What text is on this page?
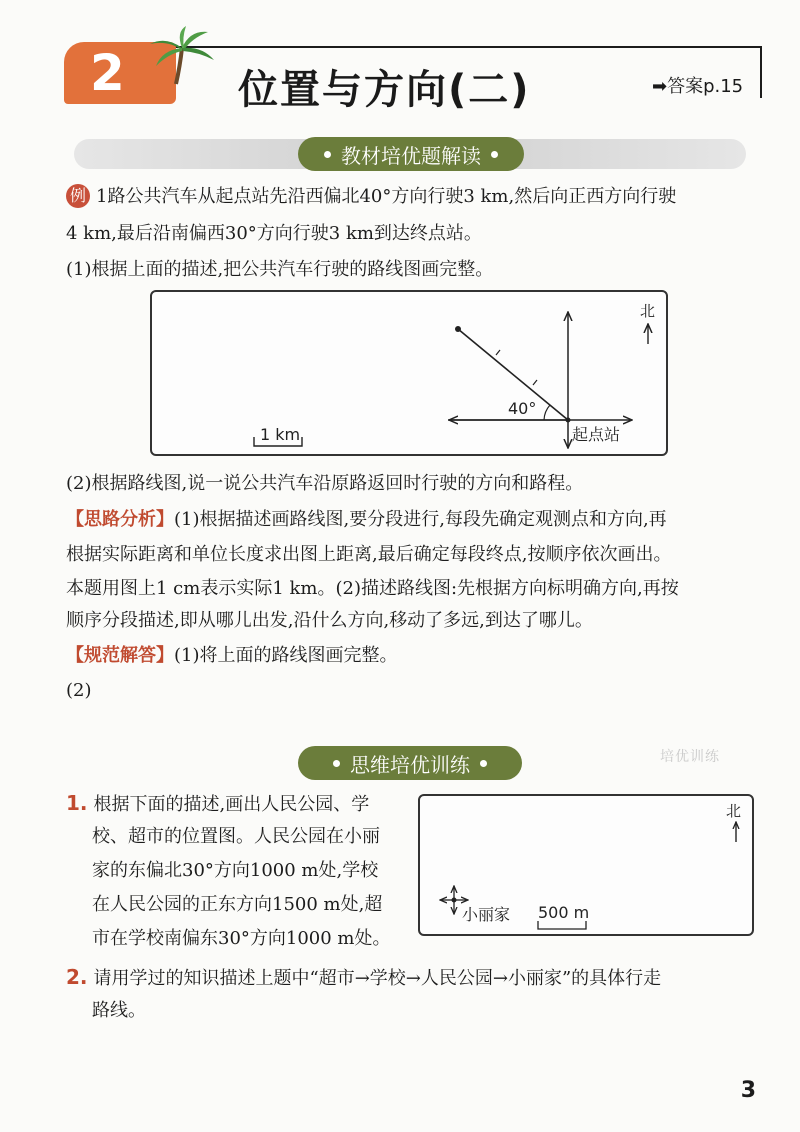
2	位置与方向(二)	➡答案p.15
教材培优题解读
例 1路公共汽车从起点站先沿西偏北40°方向行驶3 km,然后向正西方向行驶
4 km,最后沿南偏西30°方向行驶3 km到达终点站。
(1)根据上面的描述,把公共汽车行驶的路线图画完整。
40°
起点站
北
1 km
(2)根据路线图,说一说公共汽车沿原路返回时行驶的方向和路程。
【思路分析】(1)根据描述画路线图,要分段进行,每段先确定观测点和方向,再
根据实际距离和单位长度求出图上距离,最后确定每段终点,按顺序依次画出。
本题用图上1 cm表示实际1 km。(2)描述路线图:先根据方向标明确方向,再按
顺序分段描述,即从哪儿出发,沿什么方向,移动了多远,到达了哪儿。
【规范解答】(1)将上面的路线图画完整。
(2)
思维培优训练	培优训练
1. 根据下面的描述,画出人民公园、学
校、超市的位置图。人民公园在小丽
家的东偏北30°方向1000 m处,学校
在人民公园的正东方向1500 m处,超
市在学校南偏东30°方向1000 m处。
北
小丽家 500 m
2. 请用学过的知识描述上题中“超市→学校→人民公园→小丽家”的具体行走
路线。
3
